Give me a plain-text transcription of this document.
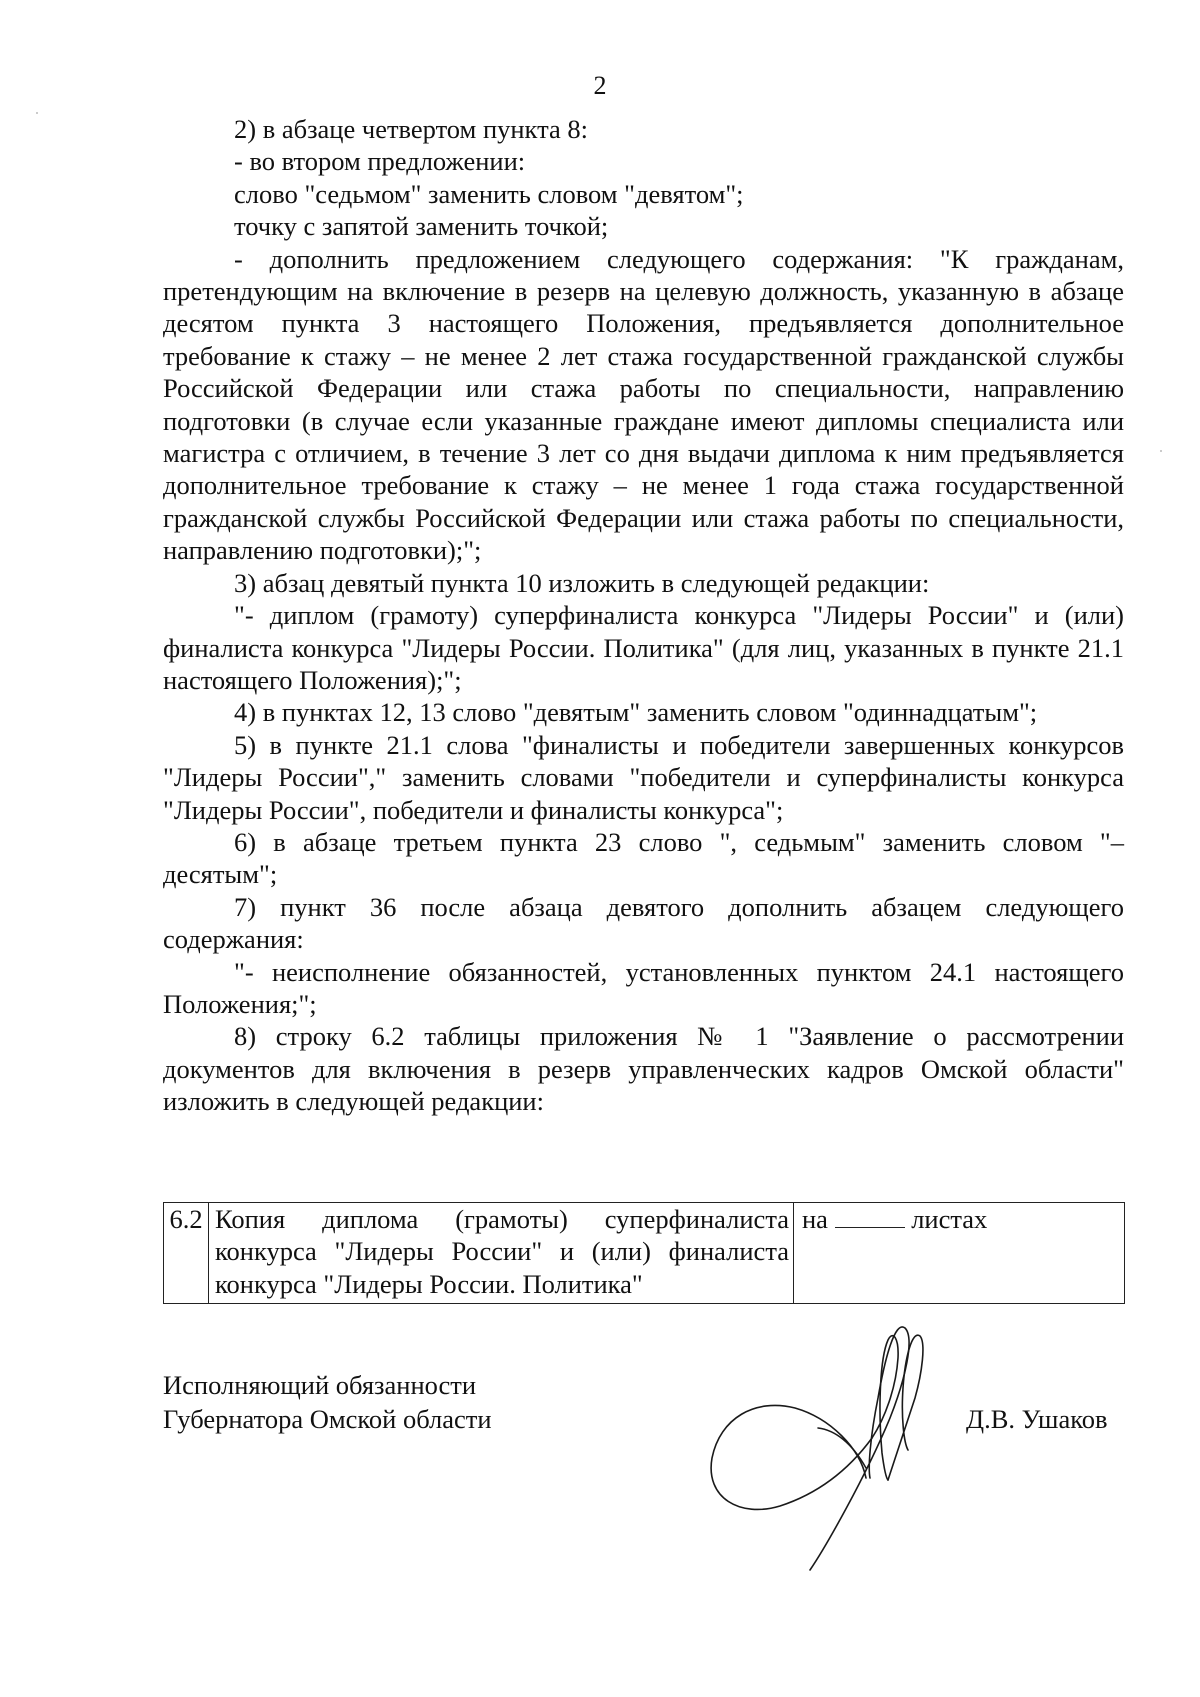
2

2) в абзаце четвертом пункта 8:

- во втором предложении:

слово "седьмом" заменить словом "девятом";

точку с запятой заменить точкой;

- дополнить предложением следующего содержания: "К гражданам, претендующим на включение в резерв на целевую должность, указанную в абзаце десятом пункта 3 настоящего Положения, предъявляется дополнительное требование к стажу – не менее 2 лет стажа государственной гражданской службы Российской Федерации или стажа работы по специальности, направлению подготовки (в случае если указанные граждане имеют дипломы специалиста или магистра с отличием, в течение 3 лет со дня выдачи диплома к ним предъявляется дополнительное требование к стажу – не менее 1 года стажа государственной гражданской службы Российской Федерации или стажа работы по специальности, направлению подготовки);";

3) абзац девятый пункта 10 изложить в следующей редакции:

"- диплом (грамоту) суперфиналиста конкурса "Лидеры России" и (или) финалиста конкурса "Лидеры России. Политика" (для лиц, указанных в пункте 21.1 настоящего Положения);";

4) в пунктах 12, 13 слово "девятым" заменить словом "одиннадцатым";

5) в пункте 21.1 слова "финалисты и победители завершенных конкурсов "Лидеры России"," заменить словами "победители и суперфиналисты конкурса "Лидеры России", победители и финалисты конкурса";

6) в абзаце третьем пункта 23 слово ", седьмым" заменить словом "– десятым";

7) пункт 36 после абзаца девятого дополнить абзацем следующего содержания:

"- неисполнение обязанностей, установленных пунктом 24.1 настоящего Положения;";

8) строку 6.2 таблицы приложения № 1 "Заявление о рассмотрении документов для включения в резерв управленческих кадров Омской области" изложить в следующей редакции:

6.2	Копия диплома (грамоты) суперфиналиста конкурса "Лидеры России" и (или) финалиста конкурса "Лидеры России. Политика"	на	листах
Исполняющий обязанности
Губернатора Омской области	Д.В. Ушаков
